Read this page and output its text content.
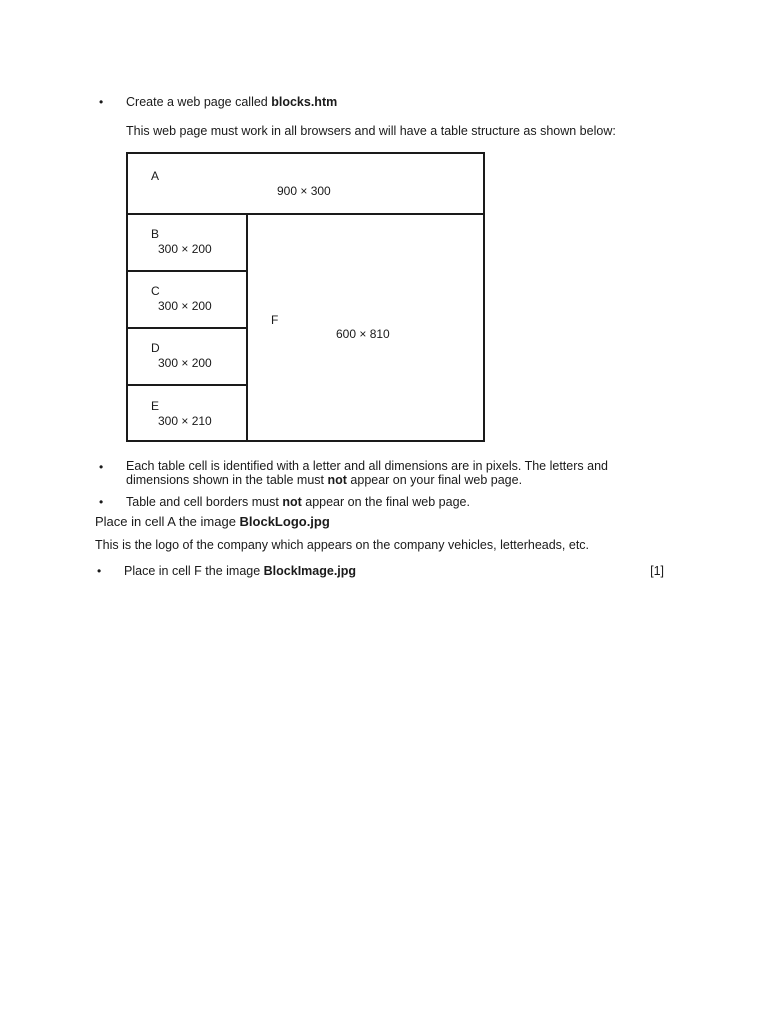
• Create a web page called blocks.htm
This web page must work in all browsers and will have a table structure as shown below:
A
900 × 300
B
300 × 200
C
300 × 200
D
300 × 200
E
300 × 210
F
600 × 810
• Each table cell is identified with a letter and all dimensions are in pixels. The letters and
dimensions shown in the table must not appear on your final web page.
• Table and cell borders must not appear on the final web page.
Place in cell A the image BlockLogo.jpg
This is the logo of the company which appears on the company vehicles, letterheads, etc.
• Place in cell F the image BlockImage.jpg	[1]
